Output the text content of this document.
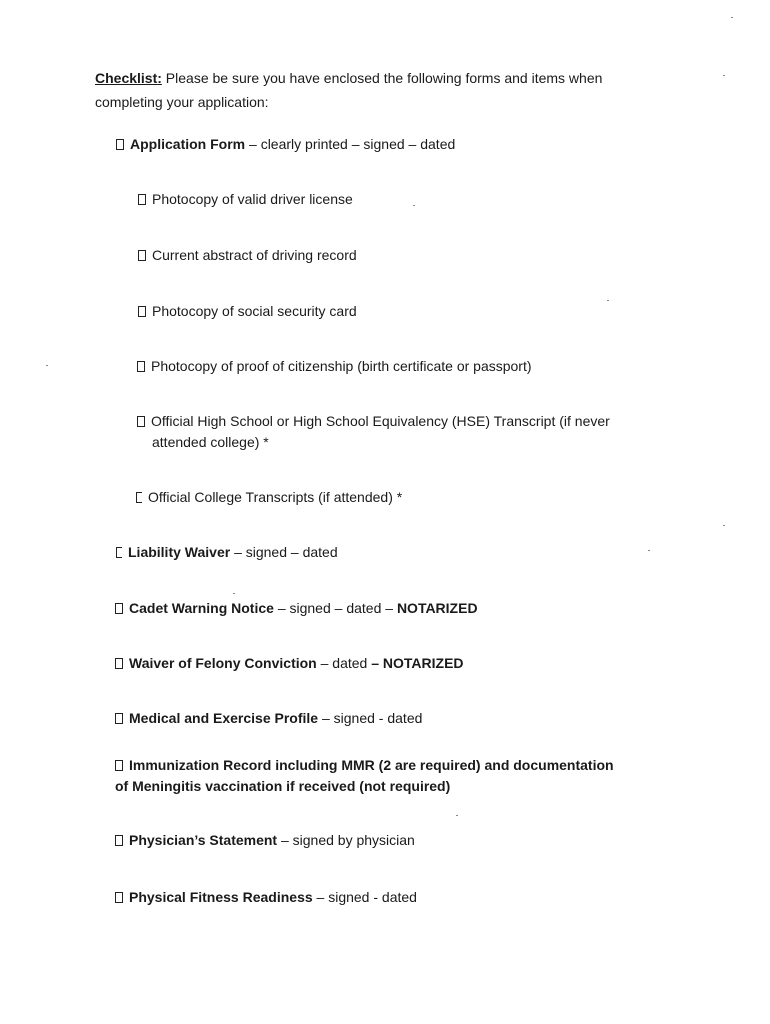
Checklist: Please be sure you have enclosed the following forms and items when
completing your application:
Application Form – clearly printed – signed – dated
Photocopy of valid driver license
Current abstract of driving record
Photocopy of social security card
Photocopy of proof of citizenship (birth certificate or passport)
Official High School or High School Equivalency (HSE) Transcript (if never
attended college) *
Official College Transcripts (if attended) *
Liability Waiver – signed – dated
Cadet Warning Notice – signed – dated – NOTARIZED
Waiver of Felony Conviction – dated – NOTARIZED
Medical and Exercise Profile – signed - dated
Immunization Record including MMR (2 are required) and documentation
of Meningitis vaccination if received (not required)
Physician’s Statement – signed by physician
Physical Fitness Readiness – signed - dated
